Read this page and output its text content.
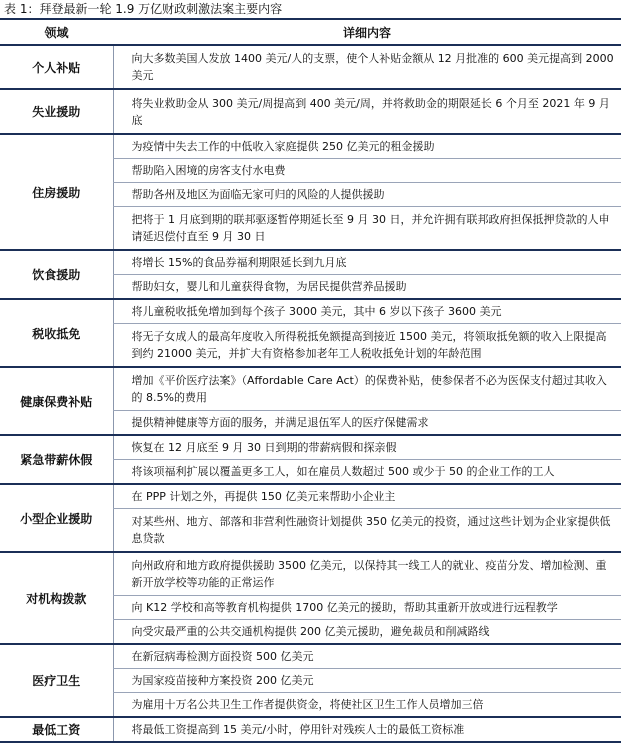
表 1：拜登最新一轮 1.9 万亿财政刺激法案主要内容
领域	详细内容
个人补贴	向大多数美国人发放 1400 美元/人的支票，使个人补贴金额从 12 月批准的 600 美元提高到 2000 美元

失业援助	将失业救助金从 300 美元/周提高到 400 美元/周，并将救助金的期限延长 6 个月至 2021 年 9 月底

住房援助	为疫情中失去工作的中低收入家庭提供 250 亿美元的租金援助

	帮助陷入困境的房客支付水电费

	帮助各州及地区为面临无家可归的风险的人提供援助

	把将于 1 月底到期的联邦驱逐暂停期延长至 9 月 30 日，并允许拥有联邦政府担保抵押贷款的人申请延迟偿付直至 9 月 30 日

饮食援助	将增长 15%的食品券福利期限延长到九月底

	帮助妇女，婴儿和儿童获得食物，为居民提供营养品援助

税收抵免	将儿童税收抵免增加到每个孩子 3000 美元，其中 6 岁以下孩子 3600 美元

	将无子女成人的最高年度收入所得税抵免额提高到接近 1500 美元，将领取抵免额的收入上限提高到约 21000 美元，并扩大有资格参加老年工人税收抵免计划的年龄范围

健康保费补贴	增加《平价医疗法案》（Affordable Care Act）的保费补贴，使参保者不必为医保支付超过其收入的 8.5%的费用

	提供精神健康等方面的服务，并满足退伍军人的医疗保健需求

紧急带薪休假	恢复在 12 月底至 9 月 30 日到期的带薪病假和探亲假

	将该项福利扩展以覆盖更多工人，如在雇员人数超过 500 或少于 50 的企业工作的工人

小型企业援助	在 PPP 计划之外，再提供 150 亿美元来帮助小企业主

	对某些州、地方、部落和非营利性融资计划提供 350 亿美元的投资，通过这些计划为企业家提供低息贷款

对机构拨款	向州政府和地方政府提供援助 3500 亿美元，以保持其一线工人的就业、疫苗分发、增加检测、重新开放学校等功能的正常运作

	向 K12 学校和高等教育机构提供 1700 亿美元的援助，帮助其重新开放或进行远程教学

	向受灾最严重的公共交通机构提供 200 亿美元援助，避免裁员和削减路线

医疗卫生	在新冠病毒检测方面投资 500 亿美元

	为国家疫苗接种方案投资 200 亿美元

	为雇用十万名公共卫生工作者提供资金，将使社区卫生工作人员增加三倍

最低工资	将最低工资提高到 15 美元/小时，停用针对残疾人士的最低工资标准
